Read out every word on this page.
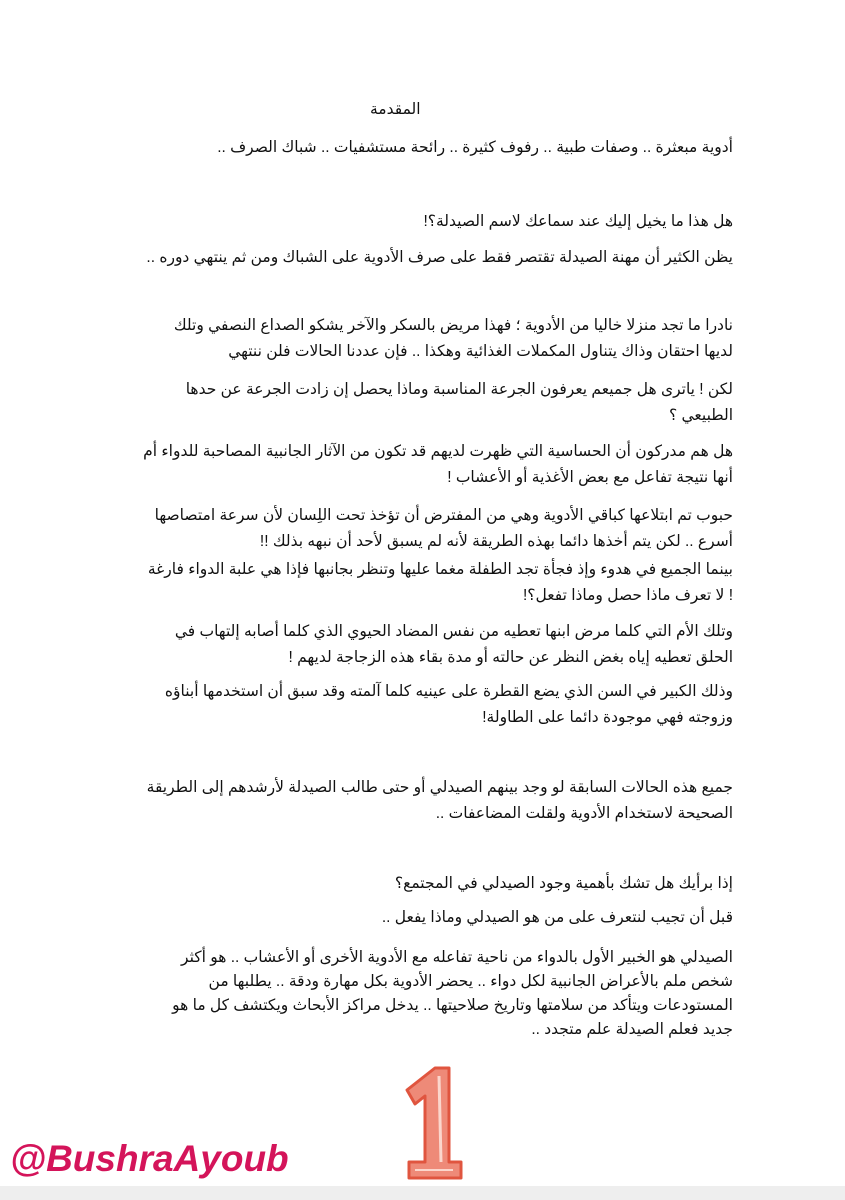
المقدمة
أدوية مبعثرة .. وصفات طبية .. رفوف كثيرة .. رائحة مستشفيات .. شباك الصرف ..
هل هذا ما يخيل إليك عند سماعك لاسم الصيدلة؟!
يظن الكثير أن مهنة الصيدلة تقتصر فقط على صرف الأدوية على الشباك ومن ثم ينتهي دوره ..
نادرا ما تجد منزلا خاليا من الأدوية ؛ فهذا مريض بالسكر والآخر يشكو الصداع النصفي وتلك
لديها احتقان وذاك يتناول المكملات الغذائية وهكذا .. فإن عددنا الحالات فلن ننتهي
لكن ! ياترى هل جميعم يعرفون الجرعة المناسبة وماذا يحصل إن زادت الجرعة عن حدها
الطبيعي ؟
هل هم مدركون أن الحساسية التي ظهرت لديهم قد تكون من الآثار الجانبية المصاحبة للدواء أم
أنها نتيجة تفاعل مع بعض الأغذية أو الأعشاب !
حبوب تم ابتلاعها كباقي الأدوية وهي من المفترض أن تؤخذ تحت اللِسان لأن سرعة امتصاصها
أسرع .. لكن يتم أخذها دائما بهذه الطريقة لأنه لم يسبق لأحد أن نبهه بذلك !!
بينما الجميع في هدوء وإذ فجأة تجد الطفلة مغما عليها وتنظر بجانبها فإذا هي علبة الدواء فارغة
! لا تعرف ماذا حصل وماذا تفعل؟!
وتلك الأم التي كلما مرض ابنها تعطيه من نفس المضاد الحيوي الذي كلما أصابه إلتهاب في
الحلق تعطيه إياه بغض النظر عن حالته أو مدة بقاء هذه الزجاجة لديهم !
وذلك الكبير في السن الذي يضع القطرة على عينيه كلما آلمته وقد سبق أن استخدمها أبناؤه
وزوجته فهي موجودة دائما على الطاولة!
جميع هذه الحالات السابقة لو وجد بينهم الصيدلي أو حتى طالب الصيدلة لأرشدهم إلى الطريقة
الصحيحة لاستخدام الأدوية ولقلت المضاعفات ..
إذا برأيك هل تشك بأهمية وجود الصيدلي في المجتمع؟
قبل أن تجيب لنتعرف على من هو الصيدلي وماذا يفعل ..
الصيدلي هو الخبير الأول بالدواء من ناحية تفاعله مع الأدوية الأخرى أو الأعشاب .. هو أكثر
شخص ملم بالأعراض الجانبية لكل دواء .. يحضر الأدوية بكل مهارة ودقة .. يطلبها من
المستودعات ويتأكد من سلامتها وتاريخ صلاحيتها .. يدخل مراكز الأبحاث ويكتشف كل ما هو
جديد فعلم الصيدلة علم متجدد ..
@BushraAyoub
